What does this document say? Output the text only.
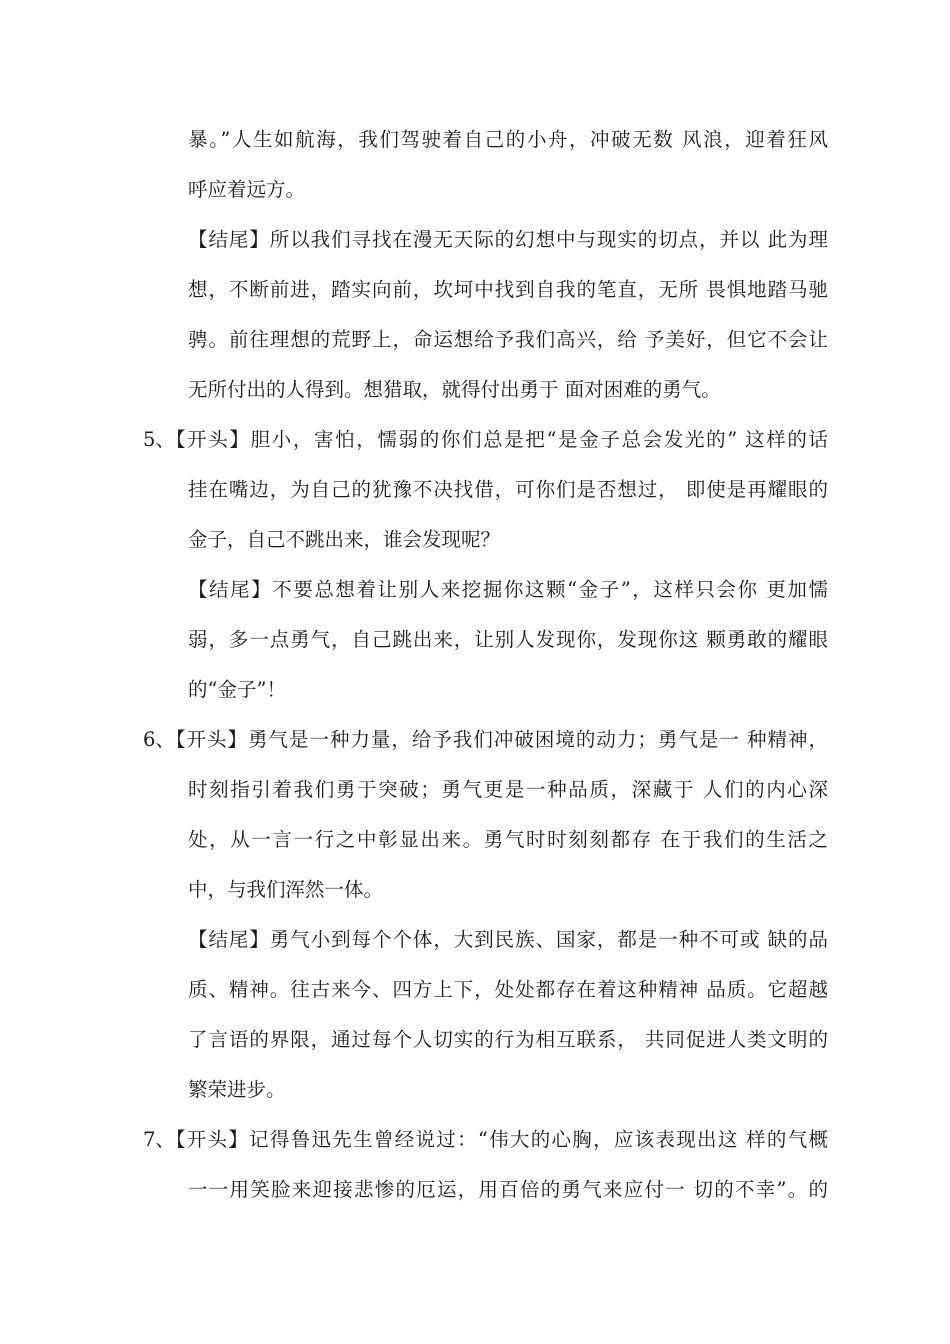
暴。”人生如航海，我们驾驶着自己的小舟，冲破无数 风浪，迎着狂风
呼应着远方。
【结尾】所以我们寻找在漫无天际的幻想中与现实的切点，并以 此为理
想，不断前进，踏实向前，坎坷中找到自我的笔直，无所 畏惧地踏马驰
骋。前往理想的荒野上，命运想给予我们高兴，给 予美好，但它不会让
无所付出的人得到。想猎取，就得付出勇于 面对困难的勇气。
5、
【开头】胆小，害怕，懦弱的你们总是把“是金子总会发光的” 这样的话
挂在嘴边，为自己的犹豫不决找借，可你们是否想过， 即使是再耀眼的
金子，自己不跳出来，谁会发现呢？
【结尾】不要总想着让别人来挖掘你这颗“金子”，这样只会你 更加懦
弱，多一点勇气，自己跳出来，让别人发现你，发现你这 颗勇敢的耀眼
的“金子”！
6、
【开头】勇气是一种力量，给予我们冲破困境的动力；勇气是一 种精神，
时刻指引着我们勇于突破；勇气更是一种品质，深藏于 人们的内心深
处，从一言一行之中彰显出来。勇气时时刻刻都存 在于我们的生活之
中，与我们浑然一体。
【结尾】勇气小到每个个体，大到民族、国家，都是一种不可或 缺的品
质、精神。往古来今、四方上下，处处都存在着这种精神 品质。它超越
了言语的界限，通过每个人切实的行为相互联系， 共同促进人类文明的
繁荣进步。
7、
【开头】记得鲁迅先生曾经说过：“伟大的心胸，应该表现出这 样的气概
一一用笑脸来迎接悲惨的厄运，用百倍的勇气来应付一 切的不幸”。的
